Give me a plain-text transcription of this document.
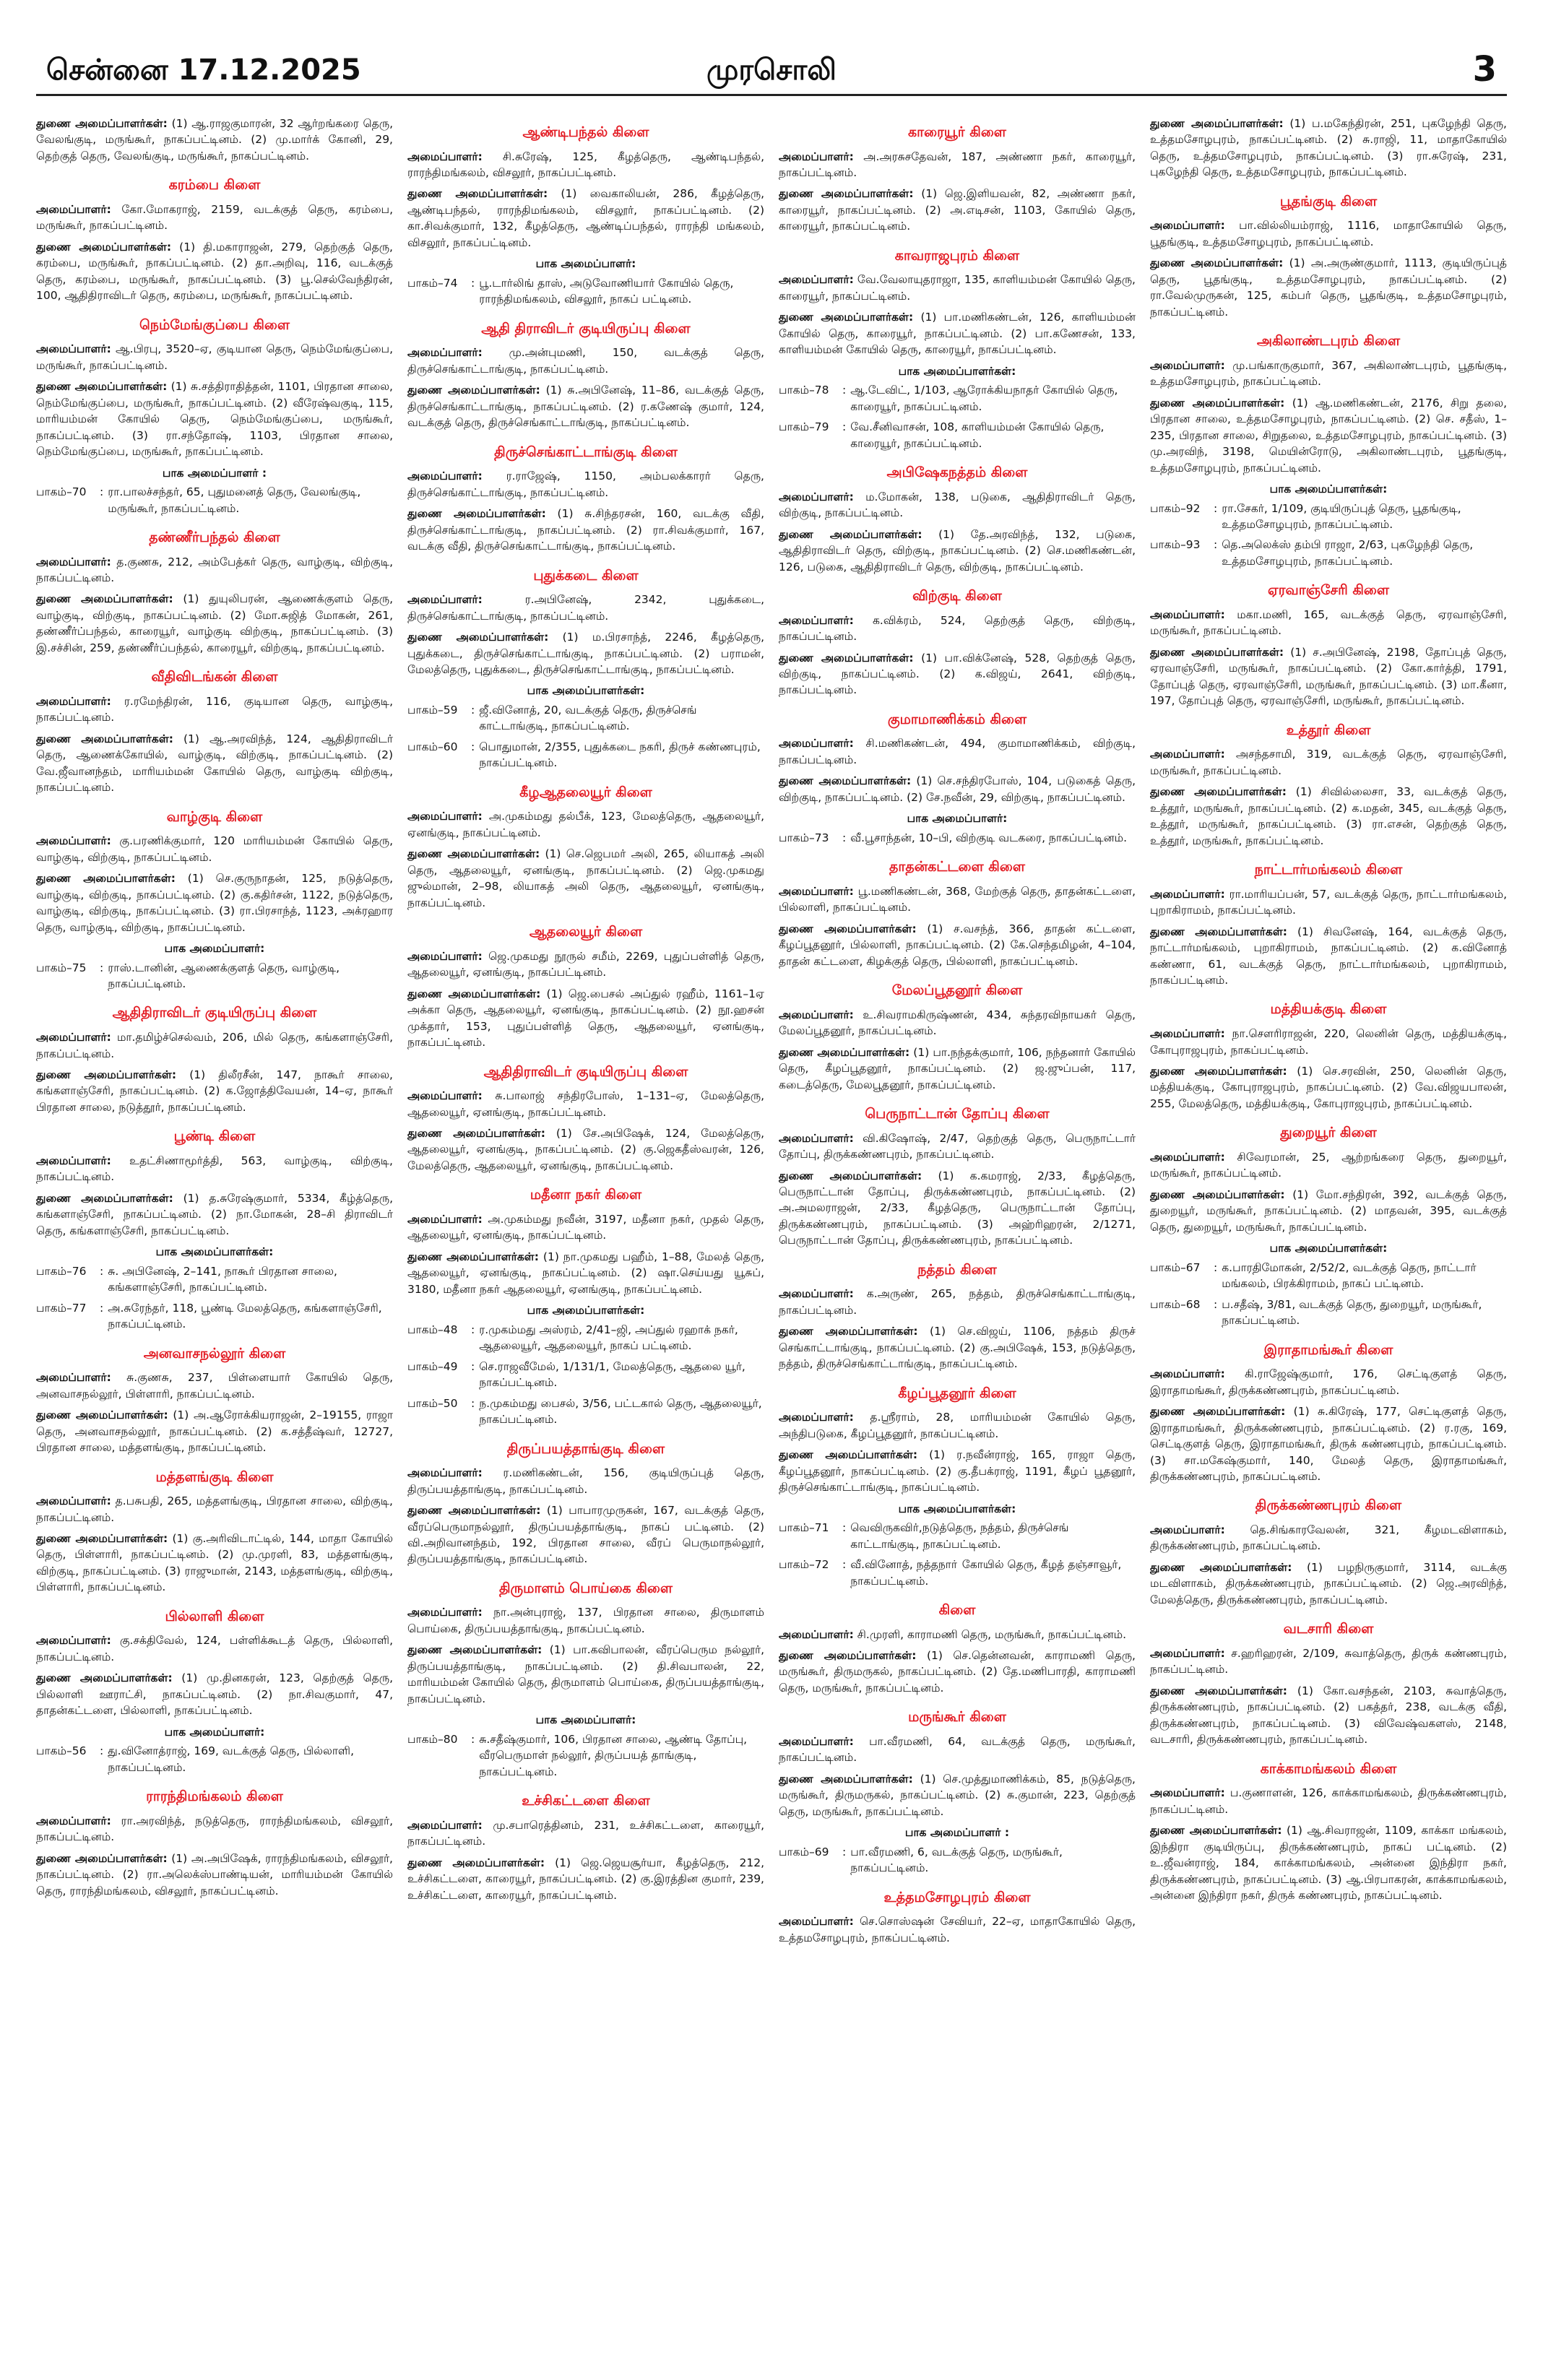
சென்னை 17.12.2025	முரசொலி	3

துணை அமைப்பாளர்கள்: (1) ஆ.ராஜகுமாரன், 32 ஆர்றங்கரை தெரு, வேலங்குடி, மருங்கூர், நாகப்பட்டினம். (2) மு.மார்க் கோனி, 29, தெற்குத் தெரு, வேலங்குடி, மருங்கூர், நாகப்பட்டினம்.

கரம்பை கிளை

அமைப்பாளர்: கோ.மோகராஜ், 2159, வடக்குத் தெரு, கரம்பை, மருங்கூர், நாகப்பட்டினம்.

துணை அமைப்பாளர்கள்: (1) தி.மகாராஜன், 279, தெற்குத் தெரு, கரம்பை, மருங்கூர், நாகப்பட்டினம். (2) தா.அறிவு, 116, வடக்குத் தெரு, கரம்பை, மருங்கூர், நாகப்பட்டினம். (3) பூ.செல்வேந்திரன், 100, ஆதிதிராவிடர் தெரு, கரம்பை, மருங்கூர், நாகப்பட்டினம்.

நெம்மேங்குப்பை கிளை

அமைப்பாளர்: ஆ.பிரபு, 3520–ஏ, குடியான தெரு, நெம்மேங்குப்பை, மருங்கூர், நாகப்பட்டினம்.

துணை அமைப்பாளர்கள்: (1) சு.சத்திராதித்தன், 1101, பிரதான சாலை, நெம்மேங்குப்பை, மருங்கூர், நாகப்பட்டினம். (2) வீரேஷ்வகுடி, 115, மாரியம்மன் கோயில் தெரு, நெம்மேங்குப்பை, மருங்கூர், நாகப்பட்டினம். (3) ரா.சந்தோஷ், 1103, பிரதான சாலை, நெம்மேங்குப்பை, மருங்கூர், நாகப்பட்டினம்.

பாக அமைப்பாளர் :
பாகம்–70	: ரா.பாலச்சந்தர், 65, புதுமனைத் தெரு, வேலங்குடி, மருங்கூர், நாகப்பட்டினம்.
தண்ணீர்பந்தல் கிளை

அமைப்பாளர்: த.குணசு, 212, அம்பேத்கர் தெரு, வாழ்குடி, விற்குடி, நாகப்பட்டினம்.

துணை அமைப்பாளர்கள்: (1) துயுலிபரன், ஆணைக்குளம் தெரு, வாழ்குடி, விற்குடி, நாகப்பட்டினம். (2) மோ.சுஜித் மோகன், 261, தண்ணீர்ப்பந்தல், காரையூர், வாழ்குடி விற்குடி, நாகப்பட்டினம். (3) இ.சச்சின், 259, தண்ணீர்ப்பந்தல், காரையூர், விற்குடி, நாகப்பட்டினம்.

வீதிவிடங்கன் கிளை

அமைப்பாளர்: ர.ரமேந்திரன், 116, குடியான தெரு, வாழ்குடி, நாகப்பட்டினம்.

துணை அமைப்பாளர்கள்: (1) ஆ.அரவிந்த், 124, ஆதிதிராவிடர் தெரு, ஆணைக்கோயில், வாழ்குடி, விற்குடி, நாகப்பட்டினம். (2) வே.ஜீவானந்தம், மாரியம்மன் கோயில் தெரு, வாழ்குடி விற்குடி, நாகப்பட்டினம்.

வாழ்குடி கிளை

அமைப்பாளர்: கு.பரணிக்குமார், 120 மாரியம்மன் கோயில் தெரு, வாழ்குடி, விற்குடி, நாகப்பட்டினம்.

துணை அமைப்பாளர்கள்: (1) செ.குருநாதன், 125, நடுத்தெரு, வாழ்குடி, விற்குடி, நாகப்பட்டினம். (2) கு.கதிர்சன், 1122, நடுத்தெரு, வாழ்குடி, விற்குடி, நாகப்பட்டினம். (3) ரா.பிரசாந்த், 1123, அக்ரஹார தெரு, வாழ்குடி, விற்குடி, நாகப்பட்டினம்.

பாக அமைப்பாளர்:
பாகம்–75	: ராஸ்.டானின், ஆணைக்குளத் தெரு, வாழ்குடி, நாகப்பட்டினம்.
ஆதிதிராவிடர் குடியிருப்பு கிளை

அமைப்பாளர்: மா.தமிழ்ச்செல்வம், 206, மில் தெரு, கங்களாஞ்சேரி, நாகப்பட்டினம்.

துணை அமைப்பாளர்கள்: (1) திலீரசீன், 147, நாகூர் சாலை, கங்களாஞ்சேரி, நாகப்பட்டினம். (2) க.ஜோத்திவேயன், 14–ஏ, நாகூர் பிரதான சாலை, நடுத்தூர், நாகப்பட்டினம்.

பூண்டி கிளை

அமைப்பாளர்: உதட்சிணாமூர்த்தி, 563, வாழ்குடி, விற்குடி, நாகப்பட்டினம்.

துணை அமைப்பாளர்கள்: (1) த.சுரேஷ்குமார், 5334, கீழ்த்தெரு, கங்களாஞ்சேரி, நாகப்பட்டினம். (2) நா.மோகன், 28–சி திராவிடர் தெரு, கங்களாஞ்சேரி, நாகப்பட்டினம்.

பாக அமைப்பாளர்கள்:
பாகம்–76	: சு. அபினேஷ், 2–141, நாகூர் பிரதான சாலை, கங்களாஞ்சேரி, நாகப்பட்டினம்.
பாகம்–77	: அ.சுரேந்தர், 118, பூண்டி மேலத்தெரு, கங்களாஞ்சேரி, நாகப்பட்டினம்.
அனவாசநல்லூர் கிளை

அமைப்பாளர்: சு.குணசு, 237, பிள்ளையார் கோயில் தெரு, அனவாசநல்லூர், பிள்ளாரி, நாகப்பட்டினம்.

துணை அமைப்பாளர்கள்: (1) அ.ஆரோக்கியராஜன், 2–19155, ராஜா தெரு, அனவாசநல்லூர், நாகப்பட்டினம். (2) க.சத்தீஷ்வர், 12727, பிரதான சாலை, மத்தளங்குடி, நாகப்பட்டினம்.

மத்தளங்குடி கிளை

அமைப்பாளர்: த.பசுபதி, 265, மத்தளங்குடி, பிரதான சாலை, விற்குடி, நாகப்பட்டினம்.

துணை அமைப்பாளர்கள்: (1) கு.அரிவிடாட்டில், 144, மாதா கோயில் தெரு, பிள்ளாரி, நாகப்பட்டினம். (2) மு.முரளி, 83, மத்தளங்குடி, விற்குடி, நாகப்பட்டினம். (3) ராஜுமான், 2143, மத்தளங்குடி, விற்குடி, பிள்ளாரி, நாகப்பட்டினம்.

பில்லாளி கிளை

அமைப்பாளர்: கு.சக்திவேல், 124, பள்ளிக்கூடத் தெரு, பில்லாளி, நாகப்பட்டினம்.

துணை அமைப்பாளர்கள்: (1) மு.தினகரன், 123, தெற்குத் தெரு, பில்லாளி ஊராட்சி, நாகப்பட்டினம். (2) நா.சிவகுமார், 47, தாதன்கட்டளை, பில்லாளி, நாகப்பட்டினம்.

பாக அமைப்பாளர்:
பாகம்–56	: து.வினோத்ராஜ், 169, வடக்குத் தெரு, பில்லாளி, நாகப்பட்டினம்.
ராரந்திமங்கலம் கிளை

அமைப்பாளர்: ரா.அரவிந்த், நடுத்தெரு, ராரந்திமங்கலம், விசலூர், நாகப்பட்டினம்.

துணை அமைப்பாளர்கள்: (1) அ.அபிஷேக், ராரந்திமங்கலம், விசலூர், நாகப்பட்டினம். (2) ரா.அலெக்ஸ்பாண்டியன், மாரியம்மன் கோயில் தெரு, ராரந்திமங்கலம், விசலூர், நாகப்பட்டினம்.

ஆண்டிபந்தல் கிளை

அமைப்பாளர்: சி.சுரேஷ், 125, கீழத்தெரு, ஆண்டிபந்தல், ராரந்திமங்கலம், விசலூர், நாகப்பட்டினம்.

துணை அமைப்பாளர்கள்: (1) வைகாலியன், 286, கீழத்தெரு, ஆண்டிபந்தல், ராரந்திமங்கலம், விசலூர், நாகப்பட்டினம். (2) கா.சிவக்குமார், 132, கீழத்தெரு, ஆண்டிப்பந்தல், ராரந்தி மங்கலம், விசலூர், நாகப்பட்டினம்.

பாக அமைப்பாளர்:
பாகம்–74	: பூ.டார்லிங் தாஸ், அடுவோணியார் கோயில் தெரு, ராரந்திமங்கலம், விசலூர், நாகப் பட்டினம்.
ஆதி திராவிடர் குடியிருப்பு கிளை

அமைப்பாளர்: மு.அன்புமணி, 150, வடக்குத் தெரு, திருச்செங்காட்டாங்குடி, நாகப்பட்டினம்.

துணை அமைப்பாளர்கள்: (1) சு.அபினேஷ், 11–86, வடக்குத் தெரு, திருச்செங்காட்டாங்குடி, நாகப்பட்டினம். (2) ர.கணேஷ் குமார், 124, வடக்குத் தெரு, திருச்செங்காட்டாங்குடி, நாகப்பட்டினம்.

திருச்செங்காட்டாங்குடி கிளை

அமைப்பாளர்: ர.ராஜேஷ், 1150, அம்பலக்காரர் தெரு, திருச்செங்காட்டாங்குடி, நாகப்பட்டினம்.

துணை அமைப்பாளர்கள்: (1) சு.சிந்தரசன், 160, வடக்கு வீதி, திருச்செங்காட்டாங்குடி, நாகப்பட்டினம். (2) ரா.சிவக்குமார், 167, வடக்கு வீதி, திருச்செங்காட்டாங்குடி, நாகப்பட்டினம்.

புதுக்கடை கிளை

அமைப்பாளர்: ர.அபினேஷ், 2342, புதுக்கடை, திருச்செங்காட்டாங்குடி, நாகப்பட்டினம்.

துணை அமைப்பாளர்கள்: (1) ம.பிரசாந்த், 2246, கீழத்தெரு, புதுக்கடை, திருச்செங்காட்டாங்குடி, நாகப்பட்டினம். (2) பராமன், மேலத்தெரு, புதுக்கடை, திருச்செங்காட்டாங்குடி, நாகப்பட்டினம்.

பாக அமைப்பாளர்கள்:
பாகம்–59	: ஜீ.வினோத், 20, வடக்குத் தெரு, திருச்செங் காட்டாங்குடி, நாகப்பட்டினம்.
பாகம்–60	: பொதுமான், 2/355, புதுக்கடை நகரி, திருச் கண்ணபுரம், நாகப்பட்டினம்.
கீழஆதலையூர் கிளை

அமைப்பாளர்: அ.முகம்மது தல்பீக், 123, மேலத்தெரு, ஆதலையூர், ஏனங்குடி, நாகப்பட்டினம்.

துணை அமைப்பாளர்கள்: (1) செ.ஜெபமர் அலி, 265, லியாகத் அலி தெரு, ஆதலையூர், ஏனங்குடி, நாகப்பட்டினம். (2) ஜெ.முகமது ஜுல்மான், 2–98, லியாகத் அலி தெரு, ஆதலையூர், ஏனங்குடி, நாகப்பட்டினம்.

ஆதலையூர் கிளை

அமைப்பாளர்: ஜெ.முகமது நூருல் சமீம், 2269, புதுப்பள்ளித் தெரு, ஆதலையூர், ஏனங்குடி, நாகப்பட்டினம்.

துணை அமைப்பாளர்கள்: (1) ஜெ.பைசல் அப்துல் ரஹீம், 1161–1ஏ அக்கா தெரு, ஆதலையூர், ஏனங்குடி, நாகப்பட்டினம். (2) நூ.ஹசன் முக்தார், 153, புதுப்பள்ளித் தெரு, ஆதலையூர், ஏனங்குடி, நாகப்பட்டினம்.

ஆதிதிராவிடர் குடியிருப்பு கிளை

அமைப்பாளர்: சு.பாலாஜ் சந்திரபோஸ், 1–131–ஏ, மேலத்தெரு, ஆதலையூர், ஏனங்குடி, நாகப்பட்டினம்.

துணை அமைப்பாளர்கள்: (1) சே.அபிஷேக், 124, மேலத்தெரு, ஆதலையூர், ஏனங்குடி, நாகப்பட்டினம். (2) கு.ஜெகதீஸ்வரன், 126, மேலத்தெரு, ஆதலையூர், ஏனங்குடி, நாகப்பட்டினம்.

மதீனா நகர் கிளை

அமைப்பாளர்: அ.முகம்மது நவீன், 3197, மதீனா நகர், முதல் தெரு, ஆதலையூர், ஏனங்குடி, நாகப்பட்டினம்.

துணை அமைப்பாளர்கள்: (1) நா.முகமது பஹீம், 1–88, மேலத் தெரு, ஆதலையூர், ஏனங்குடி, நாகப்பட்டினம். (2) ஷா.செய்யது யூசுப், 3180, மதீனா நகர் ஆதலையூர், ஏனங்குடி, நாகப்பட்டினம்.

பாக அமைப்பாளர்கள்:
பாகம்–48	: ர.முகம்மது அஸ்ரம், 2/41–ஜி, அப்துல் ரஹாக் நகர், ஆதலையூர், ஆதலையூர், நாகப் பட்டினம்.
பாகம்–49	: செ.ராஜவீமேல், 1/131/1, மேலத்தெரு, ஆதலை யூர், நாகப்பட்டினம்.
பாகம்–50	: ந.முகம்மது பைசல், 3/56, பட்டகால் தெரு, ஆதலையூர், நாகப்பட்டினம்.
திருப்பயத்தாங்குடி கிளை

அமைப்பாளர்: ர.மணிகண்டன், 156, குடியிருப்புத் தெரு, திருப்பயத்தாங்குடி, நாகப்பட்டினம்.

துணை அமைப்பாளர்கள்: (1) பாபாரமுருகன், 167, வடக்குத் தெரு, வீரப்பெருமாநல்லூர், திருப்பயத்தாங்குடி, நாகப் பட்டினம். (2) வி.அறிவானந்தம், 192, பிரதான சாலை, வீரப் பெருமாநல்லூர், திருப்பயத்தாங்குடி, நாகப்பட்டினம்.

திருமாளம் பொய்கை கிளை

அமைப்பாளர்: நா.அன்புராஜ், 137, பிரதான சாலை, திருமாளம் பொய்கை, திருப்பயத்தாங்குடி, நாகப்பட்டினம்.

துணை அமைப்பாளர்கள்: (1) பா.கவிபாலன், வீரப்பெரும நல்லூர், திருப்பயத்தாங்குடி, நாகப்பட்டினம். (2) தி.சிவபாலன், 22, மாரியம்மன் கோயில் தெரு, திருமாளம் பொய்கை, திருப்பயத்தாங்குடி, நாகப்பட்டினம்.

பாக அமைப்பாளர்:
பாகம்–80	: சு.சதீஷ்குமார், 106, பிரதான சாலை, ஆண்டி தோப்பு, வீரபெருமாள் நல்லூர், திருப்பயத் தாங்குடி, நாகப்பட்டினம்.
உச்சிகட்டளை கிளை

அமைப்பாளர்: மு.சபாரெத்தினம், 231, உச்சிகட்டளை, காரையூர், நாகப்பட்டினம்.

துணை அமைப்பாளர்கள்: (1) ஜெ.ஜெயசூர்யா, கீழத்தெரு, 212, உச்சிகட்டளை, காரையூர், நாகப்பட்டினம். (2) கு.இரத்தின குமார், 239, உச்சிகட்டளை, காரையூர், நாகப்பட்டினம்.

காரையூர் கிளை

அமைப்பாளர்: அ.அரசுசதேவன், 187, அண்ணா நகர், காரையூர், நாகப்பட்டினம்.

துணை அமைப்பாளர்கள்: (1) ஜெ.இளியவன், 82, அண்ணா நகர், காரையூர், நாகப்பட்டினம். (2) அ.எடிசன், 1103, கோயில் தெரு, காரையூர், நாகப்பட்டினம்.

காவராஜபுரம் கிளை

அமைப்பாளர்: வே.வேலாயுதராஜா, 135, காளியம்மன் கோயில் தெரு, காரையூர், நாகப்பட்டினம்.

துணை அமைப்பாளர்கள்: (1) பா.மணிகண்டன், 126, காளியம்மன் கோயில் தெரு, காரையூர், நாகப்பட்டினம். (2) பா.கணேசன், 133, காளியம்மன் கோயில் தெரு, காரையூர், நாகப்பட்டினம்.

பாக அமைப்பாளர்கள்:
பாகம்–78	: ஆ.டேவிட், 1/103, ஆரோக்கியநாதர் கோயில் தெரு, காரையூர், நாகப்பட்டினம்.
பாகம்–79	: வே.சீனிவாசன், 108, காளியம்மன் கோயில் தெரு, காரையூர், நாகப்பட்டினம்.
அபிஷேகநத்தம் கிளை

அமைப்பாளர்: ம.மோகன், 138, படுகை, ஆதிதிராவிடர் தெரு, விற்குடி, நாகப்பட்டினம்.

துணை அமைப்பாளர்கள்: (1) தே.அரவிந்த், 132, படுகை, ஆதிதிராவிடர் தெரு, விற்குடி, நாகப்பட்டினம். (2) செ.மணிகண்டன், 126, படுகை, ஆதிதிராவிடர் தெரு, விற்குடி, நாகப்பட்டினம்.

விற்குடி கிளை

அமைப்பாளர்: க.விக்ரம், 524, தெற்குத் தெரு, விற்குடி, நாகப்பட்டினம்.

துணை அமைப்பாளர்கள்: (1) பா.விக்னேஷ், 528, தெற்குத் தெரு, விற்குடி, நாகப்பட்டினம். (2) க.விஜய், 2641, விற்குடி, நாகப்பட்டினம்.

குமாமாணிக்கம் கிளை

அமைப்பாளர்: சி.மணிகண்டன், 494, குமாமாணிக்கம், விற்குடி, நாகப்பட்டினம்.

துணை அமைப்பாளர்கள்: (1) செ.சந்திரபோஸ், 104, படுகைத் தெரு, விற்குடி, நாகப்பட்டினம். (2) சே.நவீன், 29, விற்குடி, நாகப்பட்டினம்.

பாக அமைப்பாளர்:
பாகம்–73	: வீ.பூசாந்தன், 10–பி, விற்குடி வடகரை, நாகப்பட்டினம்.
தாதன்கட்டளை கிளை

அமைப்பாளர்: பூ.மணிகண்டன், 368, மேற்குத் தெரு, தாதன்கட்டளை, பில்லாளி, நாகப்பட்டினம்.

துணை அமைப்பாளர்கள்: (1) ச.வசந்த், 366, தாதன் கட்டளை, கீழப்பூதனூர், பில்லாளி, நாகப்பட்டினம். (2) கே.செந்தமிழன், 4–104, தாதன் கட்டளை, கிழக்குத் தெரு, பில்லாளி, நாகப்பட்டினம்.

மேலப்பூதனூர் கிளை

அமைப்பாளர்: உ.சிவராமகிருஷ்ணன், 434, சுந்தரவிநாயகர் தெரு, மேலப்பூதனூர், நாகப்பட்டினம்.

துணை அமைப்பாளர்கள்: (1) பா.நந்தக்குமார், 106, நந்தனார் கோயில் தெரு, கீழப்பூதனூர், நாகப்பட்டினம். (2) ஜ.ஜுப்பன், 117, கடைத்தெரு, மேலபூதனூர், நாகப்பட்டினம்.

பெருநாட்டான் தோப்பு கிளை

அமைப்பாளர்: வி.கிஷோஷ், 2/47, தெற்குத் தெரு, பெருநாட்டார் தோப்பு, திருக்கண்ணபுரம், நாகப்பட்டினம்.

துணை அமைப்பாளர்கள்: (1) க.கமராஜ், 2/33, கீழத்தெரு, பெருநாட்டான் தோப்பு, திருக்கண்ணபுரம், நாகப்பட்டினம். (2) அ.அமலராஜன், 2/33, கீழத்தெரு, பெருநாட்டான் தோப்பு, திருக்கண்ணபுரம், நாகப்பட்டினம். (3) அஹ்ரிஹரன், 2/1271, பெருநாட்டான் தோப்பு, திருக்கண்ணபுரம், நாகப்பட்டினம்.

நத்தம் கிளை

அமைப்பாளர்: க.அருண், 265, நத்தம், திருச்செங்காட்டாங்குடி, நாகப்பட்டினம்.

துணை அமைப்பாளர்கள்: (1) செ.விஜய், 1106, நத்தம் திருச் செங்காட்டாங்குடி, நாகப்பட்டினம். (2) கு.அபிஷேக், 153, நடுத்தெரு, நத்தம், திருச்செங்காட்டாங்குடி, நாகப்பட்டினம்.

கீழப்பூதனூர் கிளை

அமைப்பாளர்: த.ஸ்ரீராம், 28, மாரியம்மன் கோயில் தெரு, அந்திபடுகை, கீழப்பூதனூர், நாகப்பட்டினம்.

துணை அமைப்பாளர்கள்: (1) ர.நவீன்ராஜ், 165, ராஜா தெரு, கீழப்பூதனூர், நாகப்பட்டினம். (2) கு.தீபக்ராஜ், 1191, கீழப் பூதனூர், திருச்செங்காட்டாங்குடி, நாகப்பட்டினம்.

பாக அமைப்பாளர்கள்:
பாகம்–71	: வெவிருகவிர்,நடுத்தெரு, நத்தம், திருச்செங் காட்டாங்குடி, நாகப்பட்டினம்.
பாகம்–72	: வீ.வினோத், நத்தநாா் கோயில் தெரு, கீழத் தஞ்சாவூர், நாகப்பட்டினம்.
கிளை

அமைப்பாளர்: சி.முரளி, காராமணி தெரு, மருங்கூர், நாகப்பட்டினம்.

துணை அமைப்பாளர்கள்: (1) செ.தென்னவன், காராமணி தெரு, மருங்கூர், திருமருகல், நாகப்பட்டினம். (2) தே.மணிபாரதி, காராமணி தெரு, மருங்கூர், நாகப்பட்டினம்.

மருங்கூர் கிளை

அமைப்பாளர்: பா.வீரமணி, 64, வடக்குத் தெரு, மருங்கூர், நாகப்பட்டினம்.

துணை அமைப்பாளர்கள்: (1) செ.முத்துமாணிக்கம், 85, நடுத்தெரு, மருங்கூர், திருமருகல், நாகப்பட்டினம். (2) சு.குமான், 223, தெற்குத் தெரு, மருங்கூர், நாகப்பட்டினம்.

பாக அமைப்பாளர் :
பாகம்–69	: பா.வீரமணி, 6, வடக்குத் தெரு, மருங்கூர், நாகப்பட்டினம்.
உத்தமசோழபுரம் கிளை

அமைப்பாளர்: செ.சொஸ்ஷன் சேவியர், 22–ஏ, மாதாகோயில் தெரு, உத்தமசோழபுரம், நாகப்பட்டினம்.

துணை அமைப்பாளர்கள்: (1) ப.மகேந்திரன், 251, புகழேந்தி தெரு, உத்தமசோழபுரம், நாகப்பட்டினம். (2) சு.ராஜி, 11, மாதாகோயில் தெரு, உத்தமசோழபுரம், நாகப்பட்டினம். (3) ரா.சுரேஷ், 231, புகழேந்தி தெரு, உத்தமசோழபுரம், நாகப்பட்டினம்.

பூதங்குடி கிளை

அமைப்பாளர்: பா.வில்லியம்ராஜ், 1116, மாதாகோயில் தெரு, பூதங்குடி, உத்தமசோழபுரம், நாகப்பட்டினம்.

துணை அமைப்பாளர்கள்: (1) அ.அருண்குமார், 1113, குடியிருப்புத் தெரு, பூதங்குடி, உத்தமசோழபுரம், நாகப்பட்டினம். (2) ரா.வேல்முருகன், 125, கம்பர் தெரு, பூதங்குடி, உத்தமசோழபுரம், நாகப்பட்டினம்.

அகிலாண்டபுரம் கிளை

அமைப்பாளர்: மு.பங்காருகுமார், 367, அகிலாண்டபுரம், பூதங்குடி, உத்தமசோழபுரம், நாகப்பட்டினம்.

துணை அமைப்பாளர்கள்: (1) ஆ.மணிகண்டன், 2176, சிறு தலை, பிரதான சாலை, உத்தமசோழபுரம், நாகப்பட்டினம். (2) செ. சதீஸ், 1–235, பிரதான சாலை, சிறுதலை, உத்தமசோழபுரம், நாகப்பட்டினம். (3) மு.அரவிந், 3198, மெயின்ரோடு, அகிலாண்டபுரம், பூதங்குடி, உத்தமசோழபுரம், நாகப்பட்டினம்.

பாக அமைப்பாளர்கள்:
பாகம்–92	: ரா.சேகர், 1/109, குடியிருப்புத் தெரு, பூதங்குடி, உத்தமசோழபுரம், நாகப்பட்டினம்.
பாகம்–93	: தெ.அலெக்ஸ் தம்பி ராஜா, 2/63, புகழேந்தி தெரு, உத்தமசோழபுரம், நாகப்பட்டினம்.
ஏரவாஞ்சேரி கிளை

அமைப்பாளர்: மகா.மணி, 165, வடக்குத் தெரு, ஏரவாஞ்சேரி, மருங்கூர், நாகப்பட்டினம்.

துணை அமைப்பாளர்கள்: (1) ச.அபினேஷ், 2198, தோப்புத் தெரு, ஏரவாஞ்சேரி, மருங்கூர், நாகப்பட்டினம். (2) கோ.கார்த்தி, 1791, தோப்புத் தெரு, ஏரவாஞ்சேரி, மருங்கூர், நாகப்பட்டினம். (3) மா.கீனா, 197, தோப்புத் தெரு, ஏரவாஞ்சேரி, மருங்கூர், நாகப்பட்டினம்.

உத்தூர் கிளை

அமைப்பாளர்: அசந்தசாமி, 319, வடக்குத் தெரு, ஏரவாஞ்சேரி, மருங்கூர், நாகப்பட்டினம்.

துணை அமைப்பாளர்கள்: (1) சிவில்லைசா, 33, வடக்குத் தெரு, உத்தூர், மருங்கூர், நாகப்பட்டினம். (2) க.மதன், 345, வடக்குத் தெரு, உத்தூர், மருங்கூர், நாகப்பட்டினம். (3) ரா.எசன், தெற்குத் தெரு, உத்தூர், மருங்கூர், நாகப்பட்டினம்.

நாட்டார்மங்கலம் கிளை

அமைப்பாளர்: ரா.மாரியப்பன், 57, வடக்குத் தெரு, நாட்டார்மங்கலம், புறாகிராமம், நாகப்பட்டினம்.

துணை அமைப்பாளர்கள்: (1) சிவனேஷ், 164, வடக்குத் தெரு, நாட்டார்மங்கலம், புறாகிராமம், நாகப்பட்டினம். (2) க.வினோத் கண்ணா, 61, வடக்குத் தெரு, நாட்டார்மங்கலம், புறாகிராமம், நாகப்பட்டினம்.

மத்தியக்குடி கிளை

அமைப்பாளர்: நா.சௌரிராஜன், 220, லெனின் தெரு, மத்தியக்குடி, கோபுராஜபுரம், நாகப்பட்டினம்.

துணை அமைப்பாளர்கள்: (1) செ.சரவின், 250, லெனின் தெரு, மத்தியக்குடி, கோபுராஜபுரம், நாகப்பட்டினம். (2) வே.விஜயபாலன், 255, மேலத்தெரு, மத்தியக்குடி, கோபுராஜபுரம், நாகப்பட்டினம்.

துறையூர் கிளை

அமைப்பாளர்: சிவேரமான், 25, ஆற்றங்கரை தெரு, துறையூர், மருங்கூர், நாகப்பட்டினம்.

துணை அமைப்பாளர்கள்: (1) மோ.சந்திரன், 392, வடக்குத் தெரு, துறையூர், மருங்கூர், நாகப்பட்டினம். (2) மாதவன், 395, வடக்குத் தெரு, துறையூர், மருங்கூர், நாகப்பட்டினம்.

பாக அமைப்பாளர்கள்:
பாகம்–67	: க.பாரதிமோகன், 2/52/2, வடக்குத் தெரு, நாட்டார் மங்கலம், பிரக்கிராமம், நாகப் பட்டினம்.
பாகம்–68	: ப.சதீஷ், 3/81, வடக்குத் தெரு, துறையூர், மருங்கூர், நாகப்பட்டினம்.
இராதாமங்கூர் கிளை

அமைப்பாளர்: கி.ராஜேஷ்குமார், 176, செட்டிகுளத் தெரு, இராதாமங்கூர், திருக்கண்ணபுரம், நாகப்பட்டினம்.

துணை அமைப்பாளர்கள்: (1) சு.கிரேஷ், 177, செட்டிகுளத் தெரு, இராதாமங்கூர், திருக்கண்ணபுரம், நாகப்பட்டினம். (2) ர.ரகு, 169, செட்டிகுளத் தெரு, இராதாமங்கூர், திருக் கண்ணபுரம், நாகப்பட்டினம். (3) சா.மகேஷ்குமார், 140, மேலத் தெரு, இராதாமங்கூர், திருக்கண்ணபுரம், நாகப்பட்டினம்.

திருக்கண்ணபுரம் கிளை

அமைப்பாளர்: தெ.சிங்காரவேலன், 321, கீழமடவிளாகம், திருக்கண்ணபுரம், நாகப்பட்டினம்.

துணை அமைப்பாளர்கள்: (1) பழநிருகுமார், 3114, வடக்கு மடவிளாகம், திருக்கண்ணபுரம், நாகப்பட்டினம். (2) ஜெ.அரவிந்த், மேலத்தெரு, திருக்கண்ணபுரம், நாகப்பட்டினம்.

வடசாரி கிளை

அமைப்பாளர்: ச.ஹரிஹரன், 2/109, சுவாத்தெரு, திருக் கண்ணபுரம், நாகப்பட்டினம்.

துணை அமைப்பாளர்கள்: (1) கோ.வசந்தன், 2103, சுவாத்தெரு, திருக்கண்ணபுரம், நாகப்பட்டினம். (2) பகத்தர், 238, வடக்கு வீதி, திருக்கண்ணபுரம், நாகப்பட்டினம். (3) விவேஷ்வகளஸ், 2148, வடசாரி, திருக்கண்ணபுரம், நாகப்பட்டினம்.

காக்காமங்கலம் கிளை

அமைப்பாளர்: ப.குணாளன், 126, காக்காமங்கலம், திருக்கண்ணபுரம், நாகப்பட்டினம்.

துணை அமைப்பாளர்கள்: (1) ஆ.சிவராஜன், 1109, காக்கா மங்கலம், இந்திரா குடியிருப்பு, திருக்கண்ணபுரம், நாகப் பட்டினம். (2) உ.ஜீவன்ராஜ், 184, காக்காமங்கலம், அன்னை இந்திரா நகர், திருக்கண்ணபுரம், நாகப்பட்டினம். (3) ஆ.பிரபாகரன், காக்காமங்கலம், அன்னை இந்திரா நகர், திருக் கண்ணபுரம், நாகப்பட்டினம்.
